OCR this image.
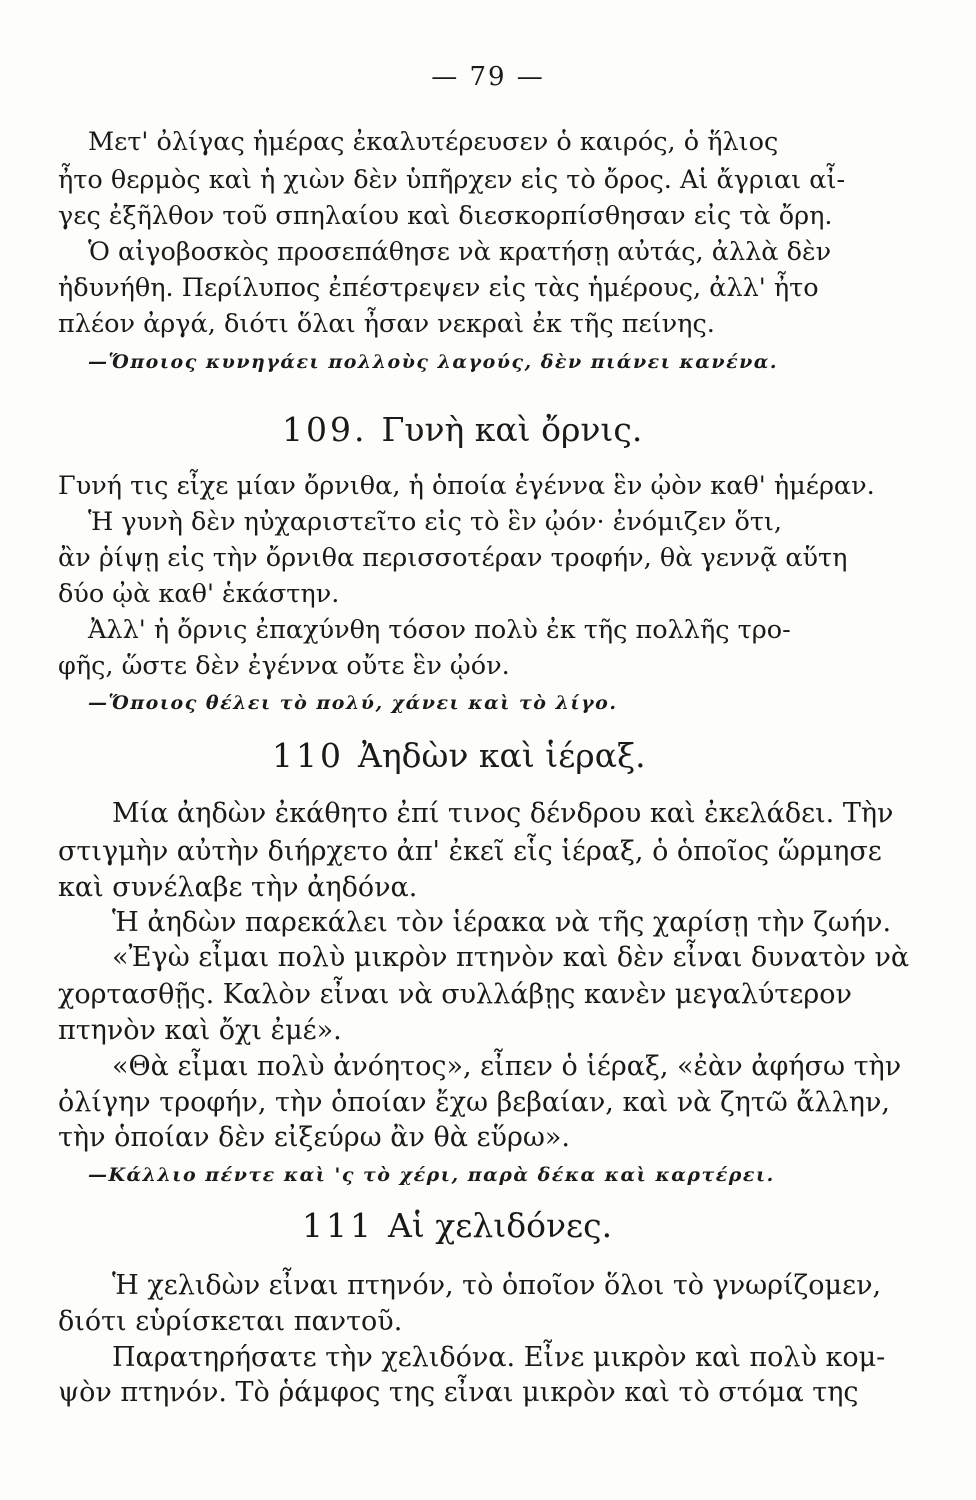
— 79 —
Μετ' ὀλίγας ἡμέρας ἐκαλυτέρευσεν ὁ καιρός, ὁ ἥλιος
ἦτο θερμὸς καὶ ἡ χιὼν δὲν ὑπῆρχεν εἰς τὸ ὄρος. Αἱ ἄγριαι αἶ-
γες ἐξῆλθον τοῦ σπηλαίου καὶ διεσκορπίσθησαν εἰς τὰ ὄρη.
Ὁ αἰγοβοσκὸς προσεπάθησε νὰ κρατήσῃ αὐτάς, ἀλλὰ δὲν
ἠδυνήθη. Περίλυπος ἐπέστρεψεν εἰς τὰς ἡμέρους, ἀλλ' ἦτο
πλέον ἀργά, διότι ὅλαι ἦσαν νεκραὶ ἐκ τῆς πείνης.
—Ὅποιος κυνηγάει πολλοὺς λαγούς, δὲν πιάνει κανένα.
109. Γυνὴ καὶ ὄρνις.
Γυνή τις εἶχε μίαν ὄρνιθα, ἡ ὁποία ἐγέννα ἓν ᾠὸν καθ' ἡμέραν.
Ἡ γυνὴ δὲν ηὐχαριστεῖτο εἰς τὸ ἓν ᾠόν· ἐνόμιζεν ὅτι,
ἂν ῥίψῃ εἰς τὴν ὄρνιθα περισσοτέραν τροφήν, θὰ γεννᾷ αὕτη
δύο ᾠὰ καθ' ἑκάστην.
Ἀλλ' ἡ ὄρνις ἐπαχύνθη τόσον πολὺ ἐκ τῆς πολλῆς τρο-
φῆς, ὥστε δὲν ἐγέννα οὔτε ἓν ᾠόν.
—Ὅποιος θέλει τὸ πολύ, χάνει καὶ τὸ λίγο.
110 Ἀηδὼν καὶ ἱέραξ.
Μία ἀηδὼν ἐκάθητο ἐπί τινος δένδρου καὶ ἐκελάδει. Τὴν
στιγμὴν αὐτὴν διήρχετο ἀπ' ἐκεῖ εἷς ἱέραξ, ὁ ὁποῖος ὥρμησε
καὶ συνέλαβε τὴν ἀηδόνα.
Ἡ ἀηδὼν παρεκάλει τὸν ἱέρακα νὰ τῆς χαρίσῃ τὴν ζωήν.
«Ἐγὼ εἶμαι πολὺ μικρὸν πτηνὸν καὶ δὲν εἶναι δυνατὸν νὰ
χορτασθῇς. Καλὸν εἶναι νὰ συλλάβῃς κανὲν μεγαλύτερον
πτηνὸν καὶ ὄχι ἐμέ».
«Θὰ εἶμαι πολὺ ἀνόητος», εἶπεν ὁ ἱέραξ, «ἐὰν ἀφήσω τὴν
ὀλίγην τροφήν, τὴν ὁποίαν ἔχω βεβαίαν, καὶ νὰ ζητῶ ἄλλην,
τὴν ὁποίαν δὲν εἰξεύρω ἂν θὰ εὕρω».
—Κάλλιο πέντε καὶ 'ς τὸ χέρι, παρὰ δέκα καὶ καρτέρει.
111 Αἱ χελιδόνες.
Ἡ χελιδὼν εἶναι πτηνόν, τὸ ὁποῖον ὅλοι τὸ γνωρίζομεν,
διότι εὑρίσκεται παντοῦ.
Παρατηρήσατε τὴν χελιδόνα. Εἶνε μικρὸν καὶ πολὺ κομ-
ψὸν πτηνόν. Τὸ ῥάμφος της εἶναι μικρὸν καὶ τὸ στόμα της
